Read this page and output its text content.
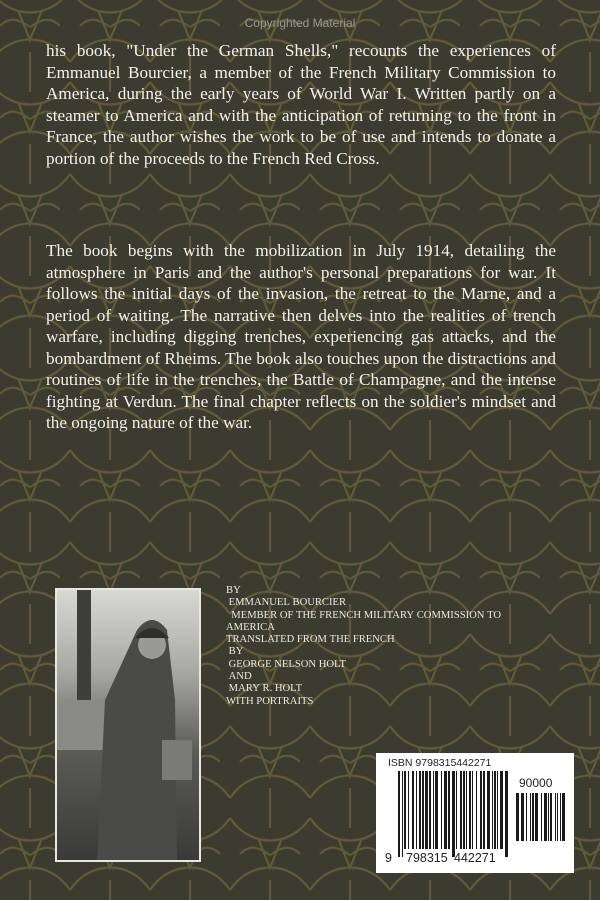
Copyrighted Material
his book, "Under the German Shells," recounts the experiences of Emmanuel Bourcier, a member of the French Military Commission to America, during the early years of World War I. Written partly on a steamer to America and with the anticipation of returning to the front in France, the author wishes the work to be of use and intends to donate a portion of the proceeds to the French Red Cross.
The book begins with the mobilization in July 1914, detailing the atmosphere in Paris and the author's personal preparations for war. It follows the initial days of the invasion, the retreat to the Marne, and a period of waiting. The narrative then delves into the realities of trench warfare, including digging trenches, experiencing gas attacks, and the bombardment of Rheims. The book also touches upon the distractions and routines of life in the trenches, the Battle of Champagne, and the intense fighting at Verdun. The final chapter reflects on the soldier's mindset and the ongoing nature of the war.
BY
EMMANUEL BOURCIER
MEMBER OF THE FRENCH MILITARY COMMISSION TO
AMERICA
TRANSLATED FROM THE FRENCH
BY
GEORGE NELSON HOLT
AND
MARY R. HOLT
WITH PORTRAITS
ISBN 9798315442271
90000
9 798315 442271
